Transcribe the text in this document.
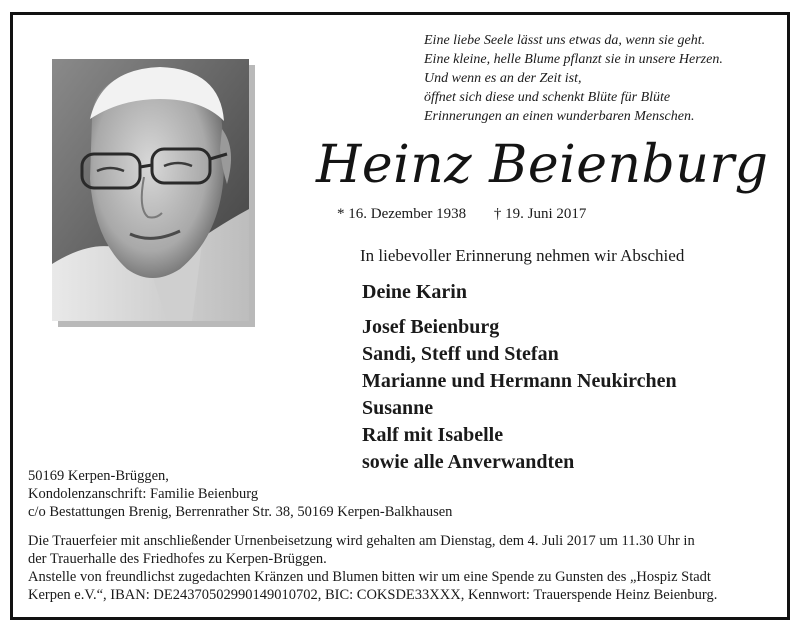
Eine liebe Seele lässt uns etwas da, wenn sie geht.
Eine kleine, helle Blume pflanzt sie in unsere Herzen.
Und wenn es an der Zeit ist,
öffnet sich diese und schenkt Blüte für Blüte
Erinnerungen an einen wunderbaren Menschen.
Heinz Beienburg
* 16. Dezember 1938 † 19. Juni 2017
In liebevoller Erinnerung nehmen wir Abschied
Deine Karin
Josef Beienburg
Sandi, Steff und Stefan
Marianne und Hermann Neukirchen
Susanne
Ralf mit Isabelle
sowie alle Anverwandten
50169 Kerpen-Brüggen,
Kondolenzanschrift: Familie Beienburg
c/o Bestattungen Brenig, Berrenrather Str. 38, 50169 Kerpen-Balkhausen
Die Trauerfeier mit anschließender Urnenbeisetzung wird gehalten am Dienstag, dem 4. Juli 2017 um 11.30 Uhr in
der Trauerhalle des Friedhofes zu Kerpen-Brüggen.
Anstelle von freundlichst zugedachten Kränzen und Blumen bitten wir um eine Spende zu Gunsten des „Hospiz Stadt
Kerpen e.V.“, IBAN: DE24370502990149010702, BIC: COKSDE33XXX, Kennwort: Trauerspende Heinz Beienburg.
